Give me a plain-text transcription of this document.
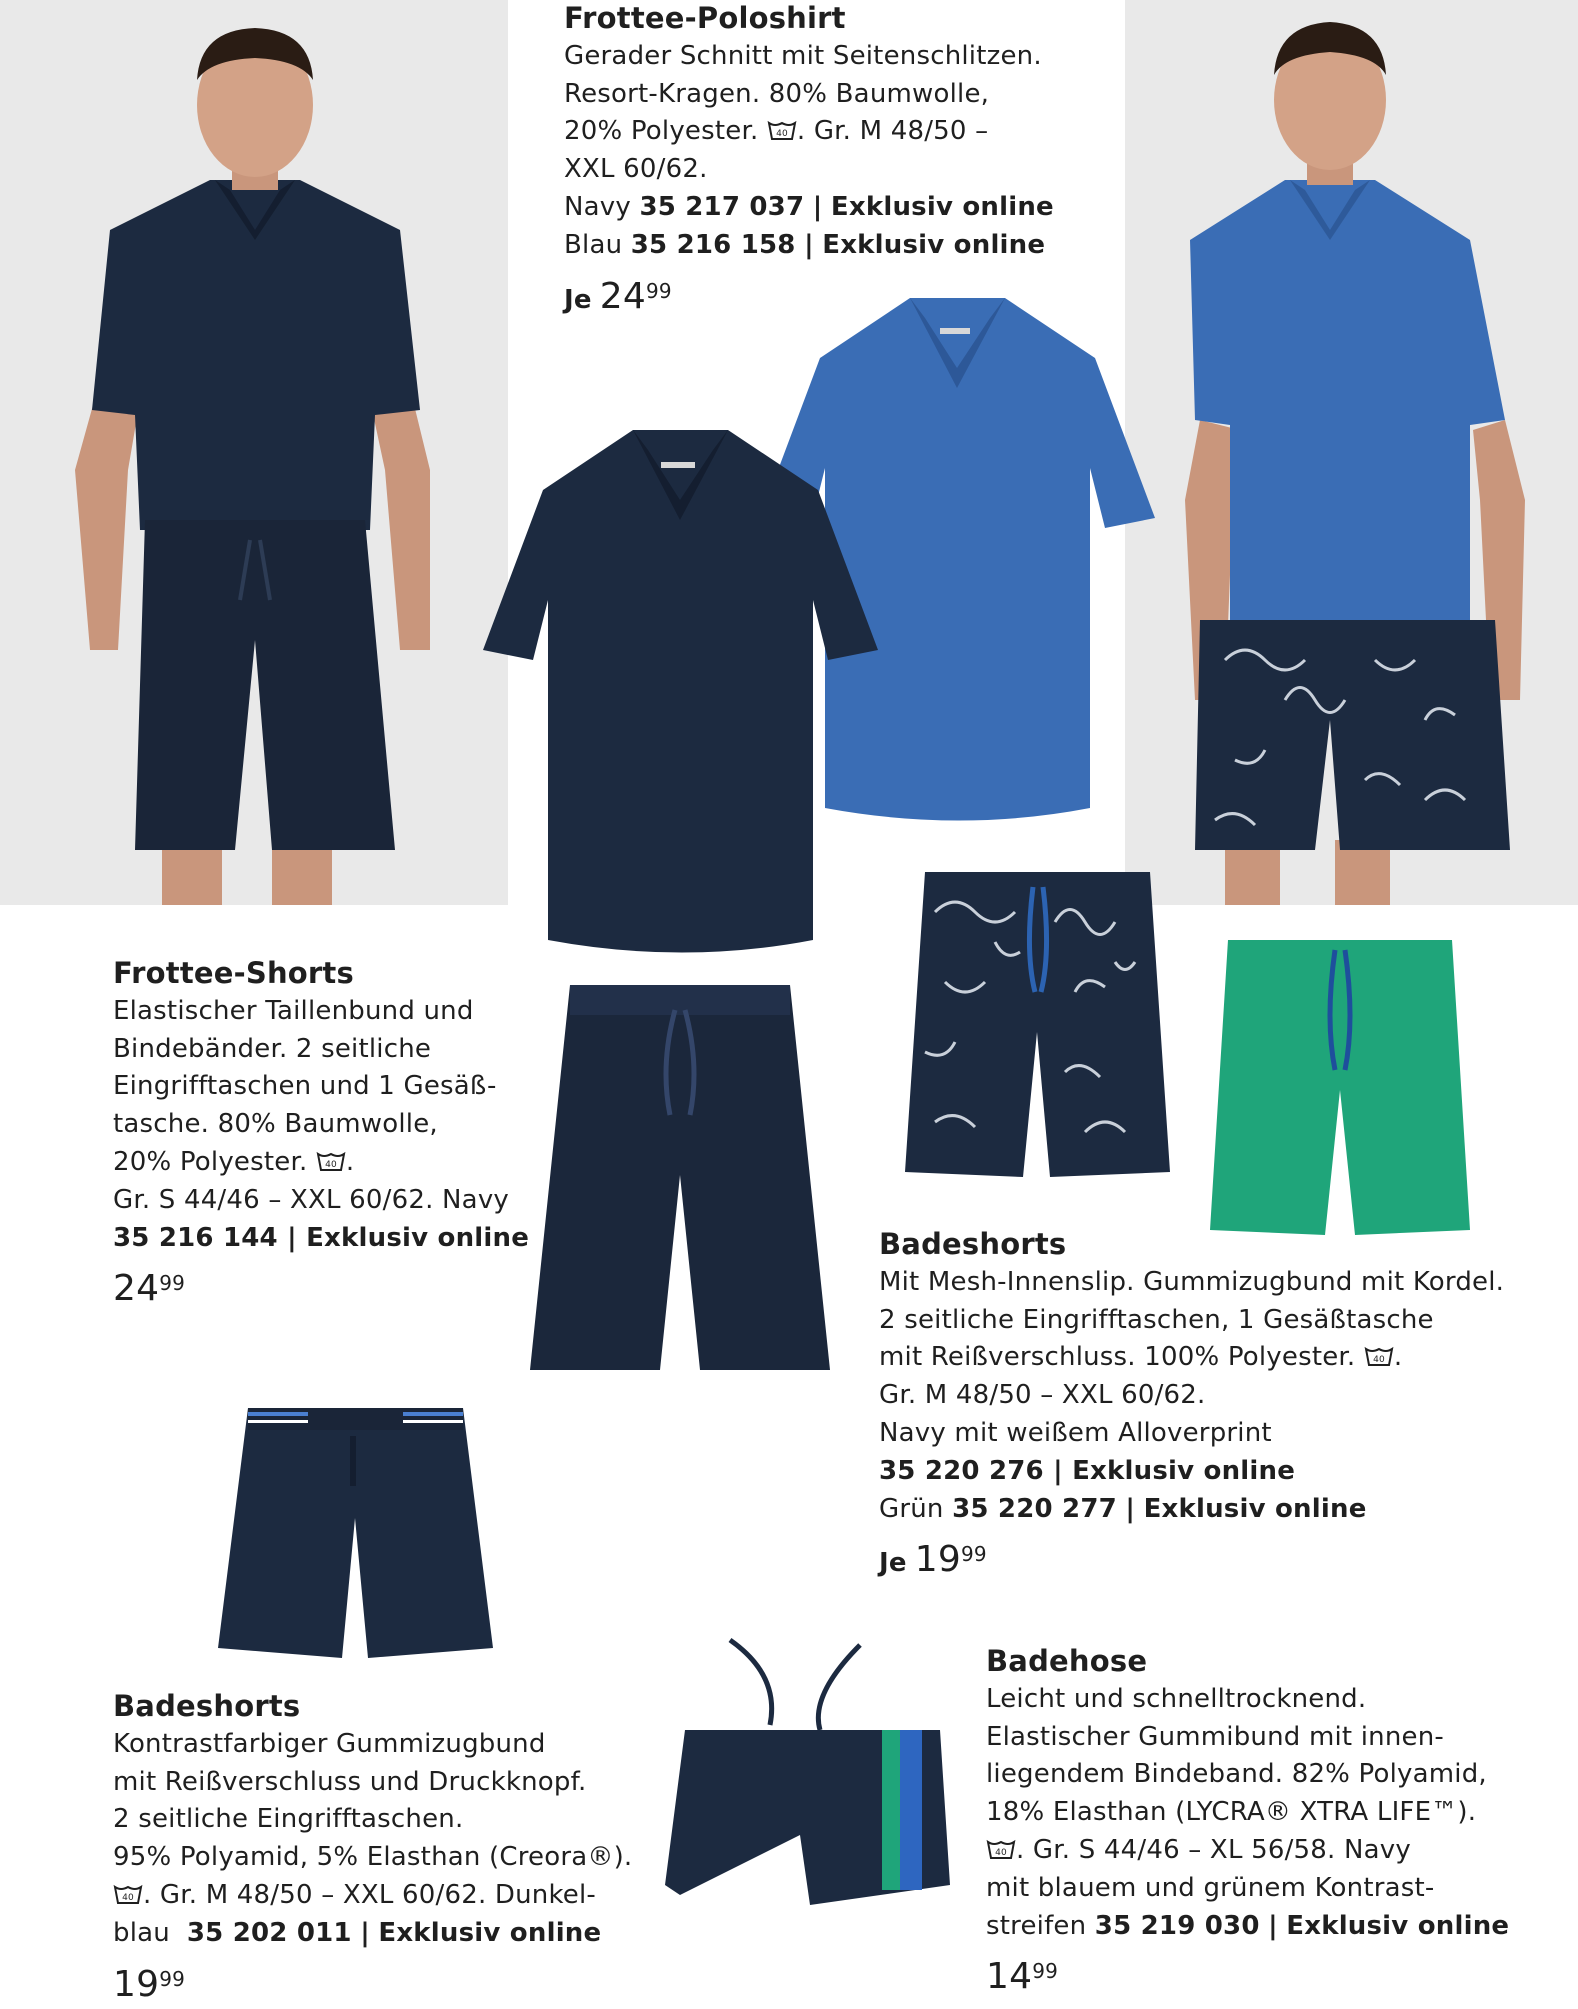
Frottee-Poloshirt
Gerader Schnitt mit Seitenschlitzen.
Resort-Kragen. 80% Baumwolle,
20% Polyester. 40 . Gr. M 48/50 –
XXL 60/62.
Navy 35 217 037 | Exklusiv online
Blau 35 216 158 | Exklusiv online
Je $24^{99}$
Frottee-Shorts
Elastischer Taillenbund und
Bindebänder. 2 seitliche
Eingrifftaschen und 1 Gesäß-
tasche. 80% Baumwolle,
20% Polyester. 40 .
Gr. S 44/46 – XXL 60/62. Navy
35 216 144 | Exklusiv online
$24^{99}$
Badeshorts
Mit Mesh-Innenslip. Gummizugbund mit Kordel.
2 seitliche Eingrifftaschen, 1 Gesäßtasche
mit Reißverschluss. 100% Polyester. 40 .
Gr. M 48/50 – XXL 60/62.
Navy mit weißem Alloverprint
35 220 276 | Exklusiv online
Grün 35 220 277 | Exklusiv online
Je $19^{99}$
Badeshorts
Kontrastfarbiger Gummizugbund
mit Reißverschluss und Druckknopf.
2 seitliche Eingrifftaschen.
95% Polyamid, 5% Elasthan (Creora®).
40 . Gr. M 48/50 – XXL 60/62. Dunkel-
blau 35 202 011 | Exklusiv online
$19^{99}$
Badehose
Leicht und schnelltrocknend.
Elastischer Gummibund mit innen-
liegendem Bindeband. 82% Polyamid,
18% Elasthan (LYCRA® XTRA LIFE™).
40 . Gr. S 44/46 – XL 56/58. Navy
mit blauem und grünem Kontrast-
streifen 35 219 030 | Exklusiv online
$14^{99}$
